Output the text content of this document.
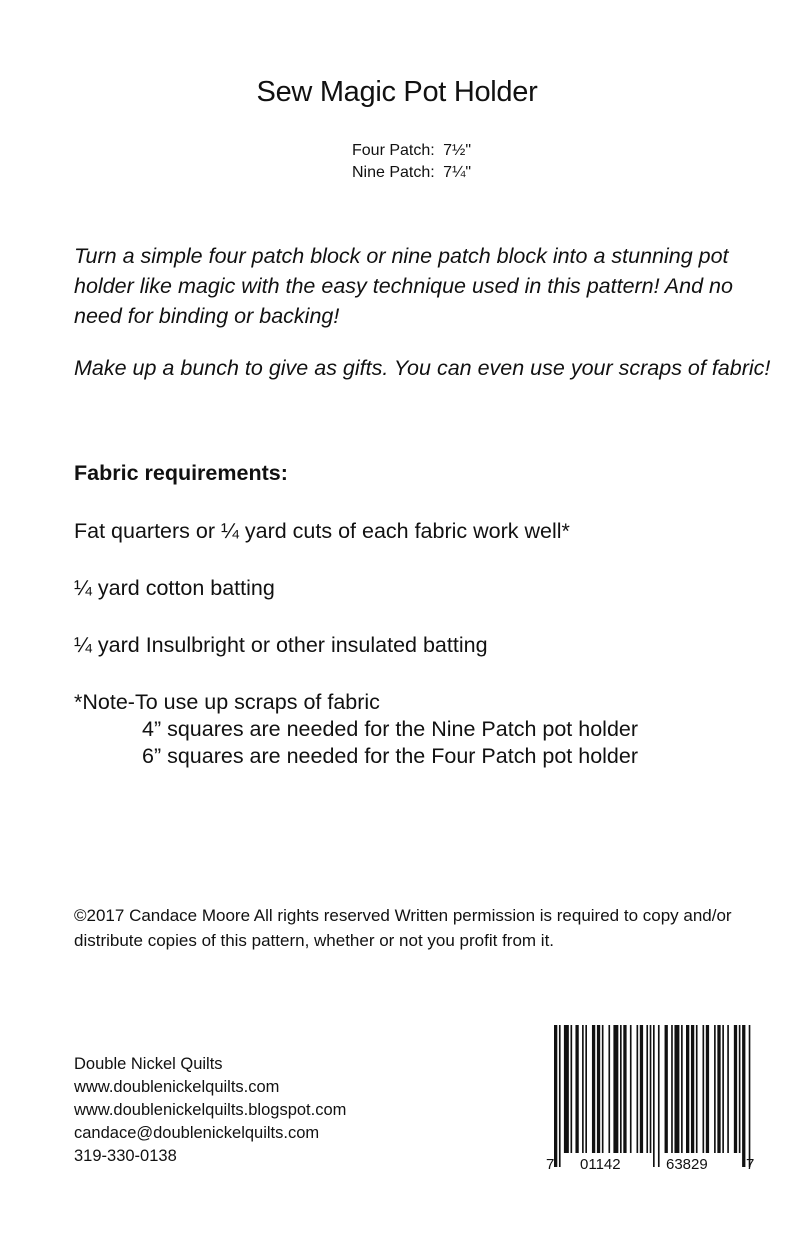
Sew Magic Pot Holder
Four Patch: 7½"
Nine Patch: 7¼"
Turn a simple four patch block or nine patch block into a stunning pot holder like magic with the easy technique used in this pattern! And no need for binding or backing!
Make up a bunch to give as gifts. You can even use your scraps of fabric!
Fabric requirements:
Fat quarters or ¼ yard cuts of each fabric work well*
¼ yard cotton batting
¼ yard Insulbright or other insulated batting
*Note-To use up scraps of fabric
4” squares are needed for the Nine Patch pot holder
6” squares are needed for the Four Patch pot holder
©2017 Candace Moore All rights reserved Written permission is required to copy and/or distribute copies of this pattern, whether or not you profit from it.
Double Nickel Quilts
www.doublenickelquilts.com
www.doublenickelquilts.blogspot.com
candace@doublenickelquilts.com
319-330-0138	7 01142	63829	7
